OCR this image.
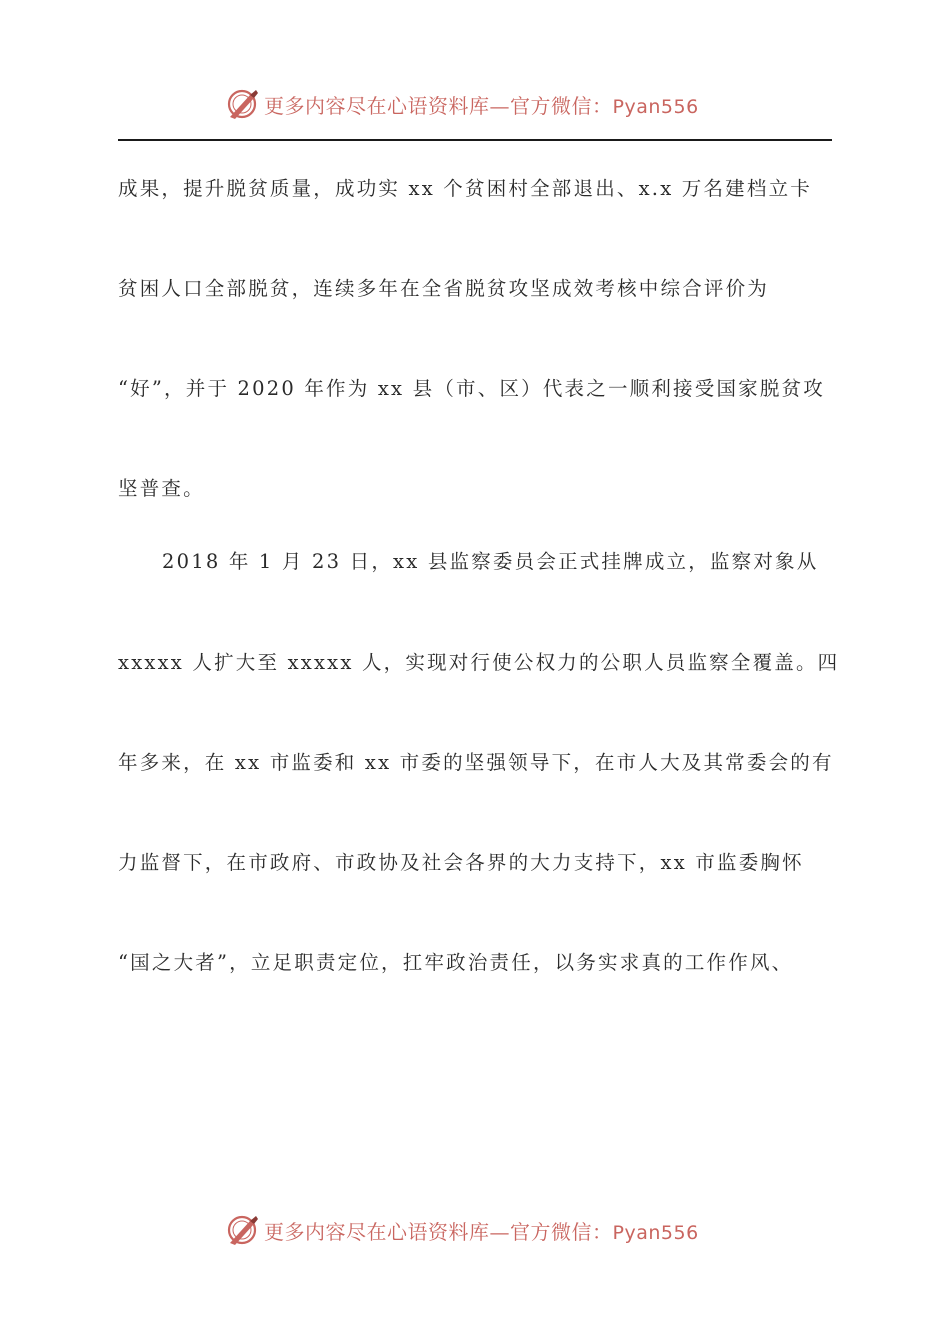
更多内容尽在心语资料库—官方微信：Pyan556
成果，提升脱贫质量，成功实 xx 个贫困村全部退出、x.x 万名建档立卡
贫困人口全部脱贫，连续多年在全省脱贫攻坚成效考核中综合评价为
“好”，并于 2020 年作为 xx 县（市、区）代表之一顺利接受国家脱贫攻
坚普查。
2018 年 1 月 23 日，xx 县监察委员会正式挂牌成立，监察对象从
xxxxx 人扩大至 xxxxx 人，实现对行使公权力的公职人员监察全覆盖。四
年多来，在 xx 市监委和 xx 市委的坚强领导下，在市人大及其常委会的有
力监督下，在市政府、市政协及社会各界的大力支持下，xx 市监委胸怀
“国之大者”，立足职责定位，扛牢政治责任，以务实求真的工作作风、
更多内容尽在心语资料库—官方微信：Pyan556
